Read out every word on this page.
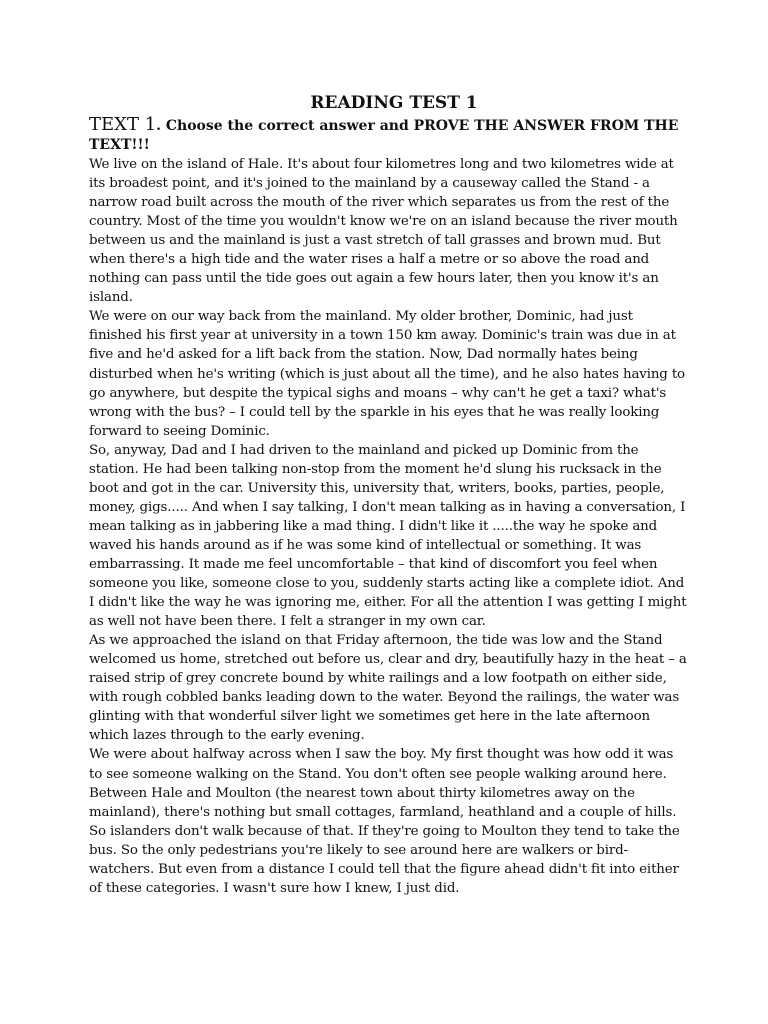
READING TEST 1

TEXT 1. Choose the correct answer and PROVE THE ANSWER FROM THE TEXT!!!

We live on the island of Hale. It's about four kilometres long and two kilometres wide at its broadest point, and it's joined to the mainland by a causeway called the Stand - a narrow road built across the mouth of the river which separates us from the rest of the country. Most of the time you wouldn't know we're on an island because the river mouth between us and the mainland is just a vast stretch of tall grasses and brown mud. But when there's a high tide and the water rises a half a metre or so above the road and nothing can pass until the tide goes out again a few hours later, then you know it's an island.

We were on our way back from the mainland. My older brother, Dominic, had just finished his first year at university in a town 150 km away. Dominic's train was due in at five and he'd asked for a lift back from the station. Now, Dad normally hates being disturbed when he's writing (which is just about all the time), and he also hates having to go anywhere, but despite the typical sighs and moans – why can't he get a taxi? what's wrong with the bus? – I could tell by the sparkle in his eyes that he was really looking forward to seeing Dominic.

So, anyway, Dad and I had driven to the mainland and picked up Dominic from the station. He had been talking non-stop from the moment he'd slung his rucksack in the boot and got in the car. University this, university that, writers, books, parties, people, money, gigs..... And when I say talking, I don't mean talking as in having a conversation, I mean talking as in jabbering like a mad thing. I didn't like it .....the way he spoke and waved his hands around as if he was some kind of intellectual or something. It was embarrassing. It made me feel uncomfortable – that kind of discomfort you feel when someone you like, someone close to you, suddenly starts acting like a complete idiot. And I didn't like the way he was ignoring me, either. For all the attention I was getting I might as well not have been there. I felt a stranger in my own car.

As we approached the island on that Friday afternoon, the tide was low and the Stand welcomed us home, stretched out before us, clear and dry, beautifully hazy in the heat – a raised strip of grey concrete bound by white railings and a low footpath on either side, with rough cobbled banks leading down to the water. Beyond the railings, the water was glinting with that wonderful silver light we sometimes get here in the late afternoon which lazes through to the early evening.

We were about halfway across when I saw the boy. My first thought was how odd it was to see someone walking on the Stand. You don't often see people walking around here. Between Hale and Moulton (the nearest town about thirty kilometres away on the mainland), there's nothing but small cottages, farmland, heathland and a couple of hills. So islanders don't walk because of that. If they're going to Moulton they tend to take the bus. So the only pedestrians you're likely to see around here are walkers or bird-watchers. But even from a distance I could tell that the figure ahead didn't fit into either of these categories. I wasn't sure how I knew, I just did.
